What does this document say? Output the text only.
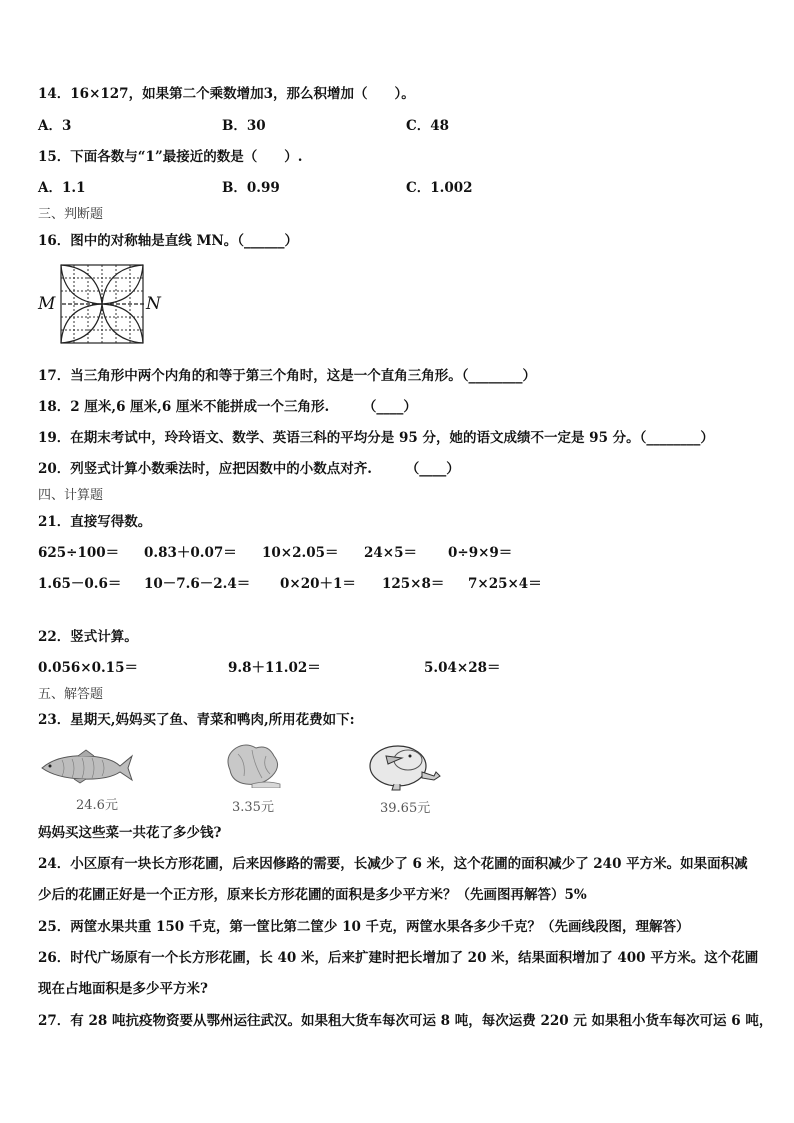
14．16×127，如果第二个乘数增加3，那么积增加（　　）。
A．3	B．30	C．48
15．下面各数与“1”最接近的数是（　　）.
A．1.1	B．0.99	C．1.002
三、判断题
16．图中的对称轴是直线 MN。（______）
M	N
17．当三角形中两个内角的和等于第三个角时，这是一个直角三角形。（________）
18．2 厘米,6 厘米,6 厘米不能拼成一个三角形.　　　（____）
19．在期末考试中，玲玲语文、数学、英语三科的平均分是 95 分，她的语文成绩不一定是 95 分。（________）
20．列竖式计算小数乘法时，应把因数中的小数点对齐.　　　（____）
四、计算题
21．直接写得数。
625÷100＝ 0.83＋0.07＝ 10×2.05＝ 24×5＝ 0÷9×9＝
1.65－0.6＝ 10－7.6－2.4＝ 0×20＋1＝ 125×8＝ 7×25×4＝
22．竖式计算。
0.056×0.15＝	9.8＋11.02＝	5.04×28＝
五、解答题
23．星期天,妈妈买了鱼、青菜和鸭肉,所用花费如下:
24.6元	3.35元	39.65元
妈妈买这些菜一共花了多少钱?
24．小区原有一块长方形花圃，后来因修路的需要，长减少了 6 米，这个花圃的面积减少了 240 平方米。如果面积减
少后的花圃正好是一个正方形，原来长方形花圃的面积是多少平方米？（先画图再解答）5%
25．两筐水果共重 150 千克，第一筐比第二筐少 10 千克，两筐水果各多少千克？（先画线段图，理解答）
26．时代广场原有一个长方形花圃，长 40 米，后来扩建时把长增加了 20 米，结果面积增加了 400 平方米。这个花圃
现在占地面积是多少平方米?
27．有 28 吨抗疫物资要从鄂州运往武汉。如果租大货车每次可运 8 吨，每次运费 220 元 如果租小货车每次可运 6 吨，
